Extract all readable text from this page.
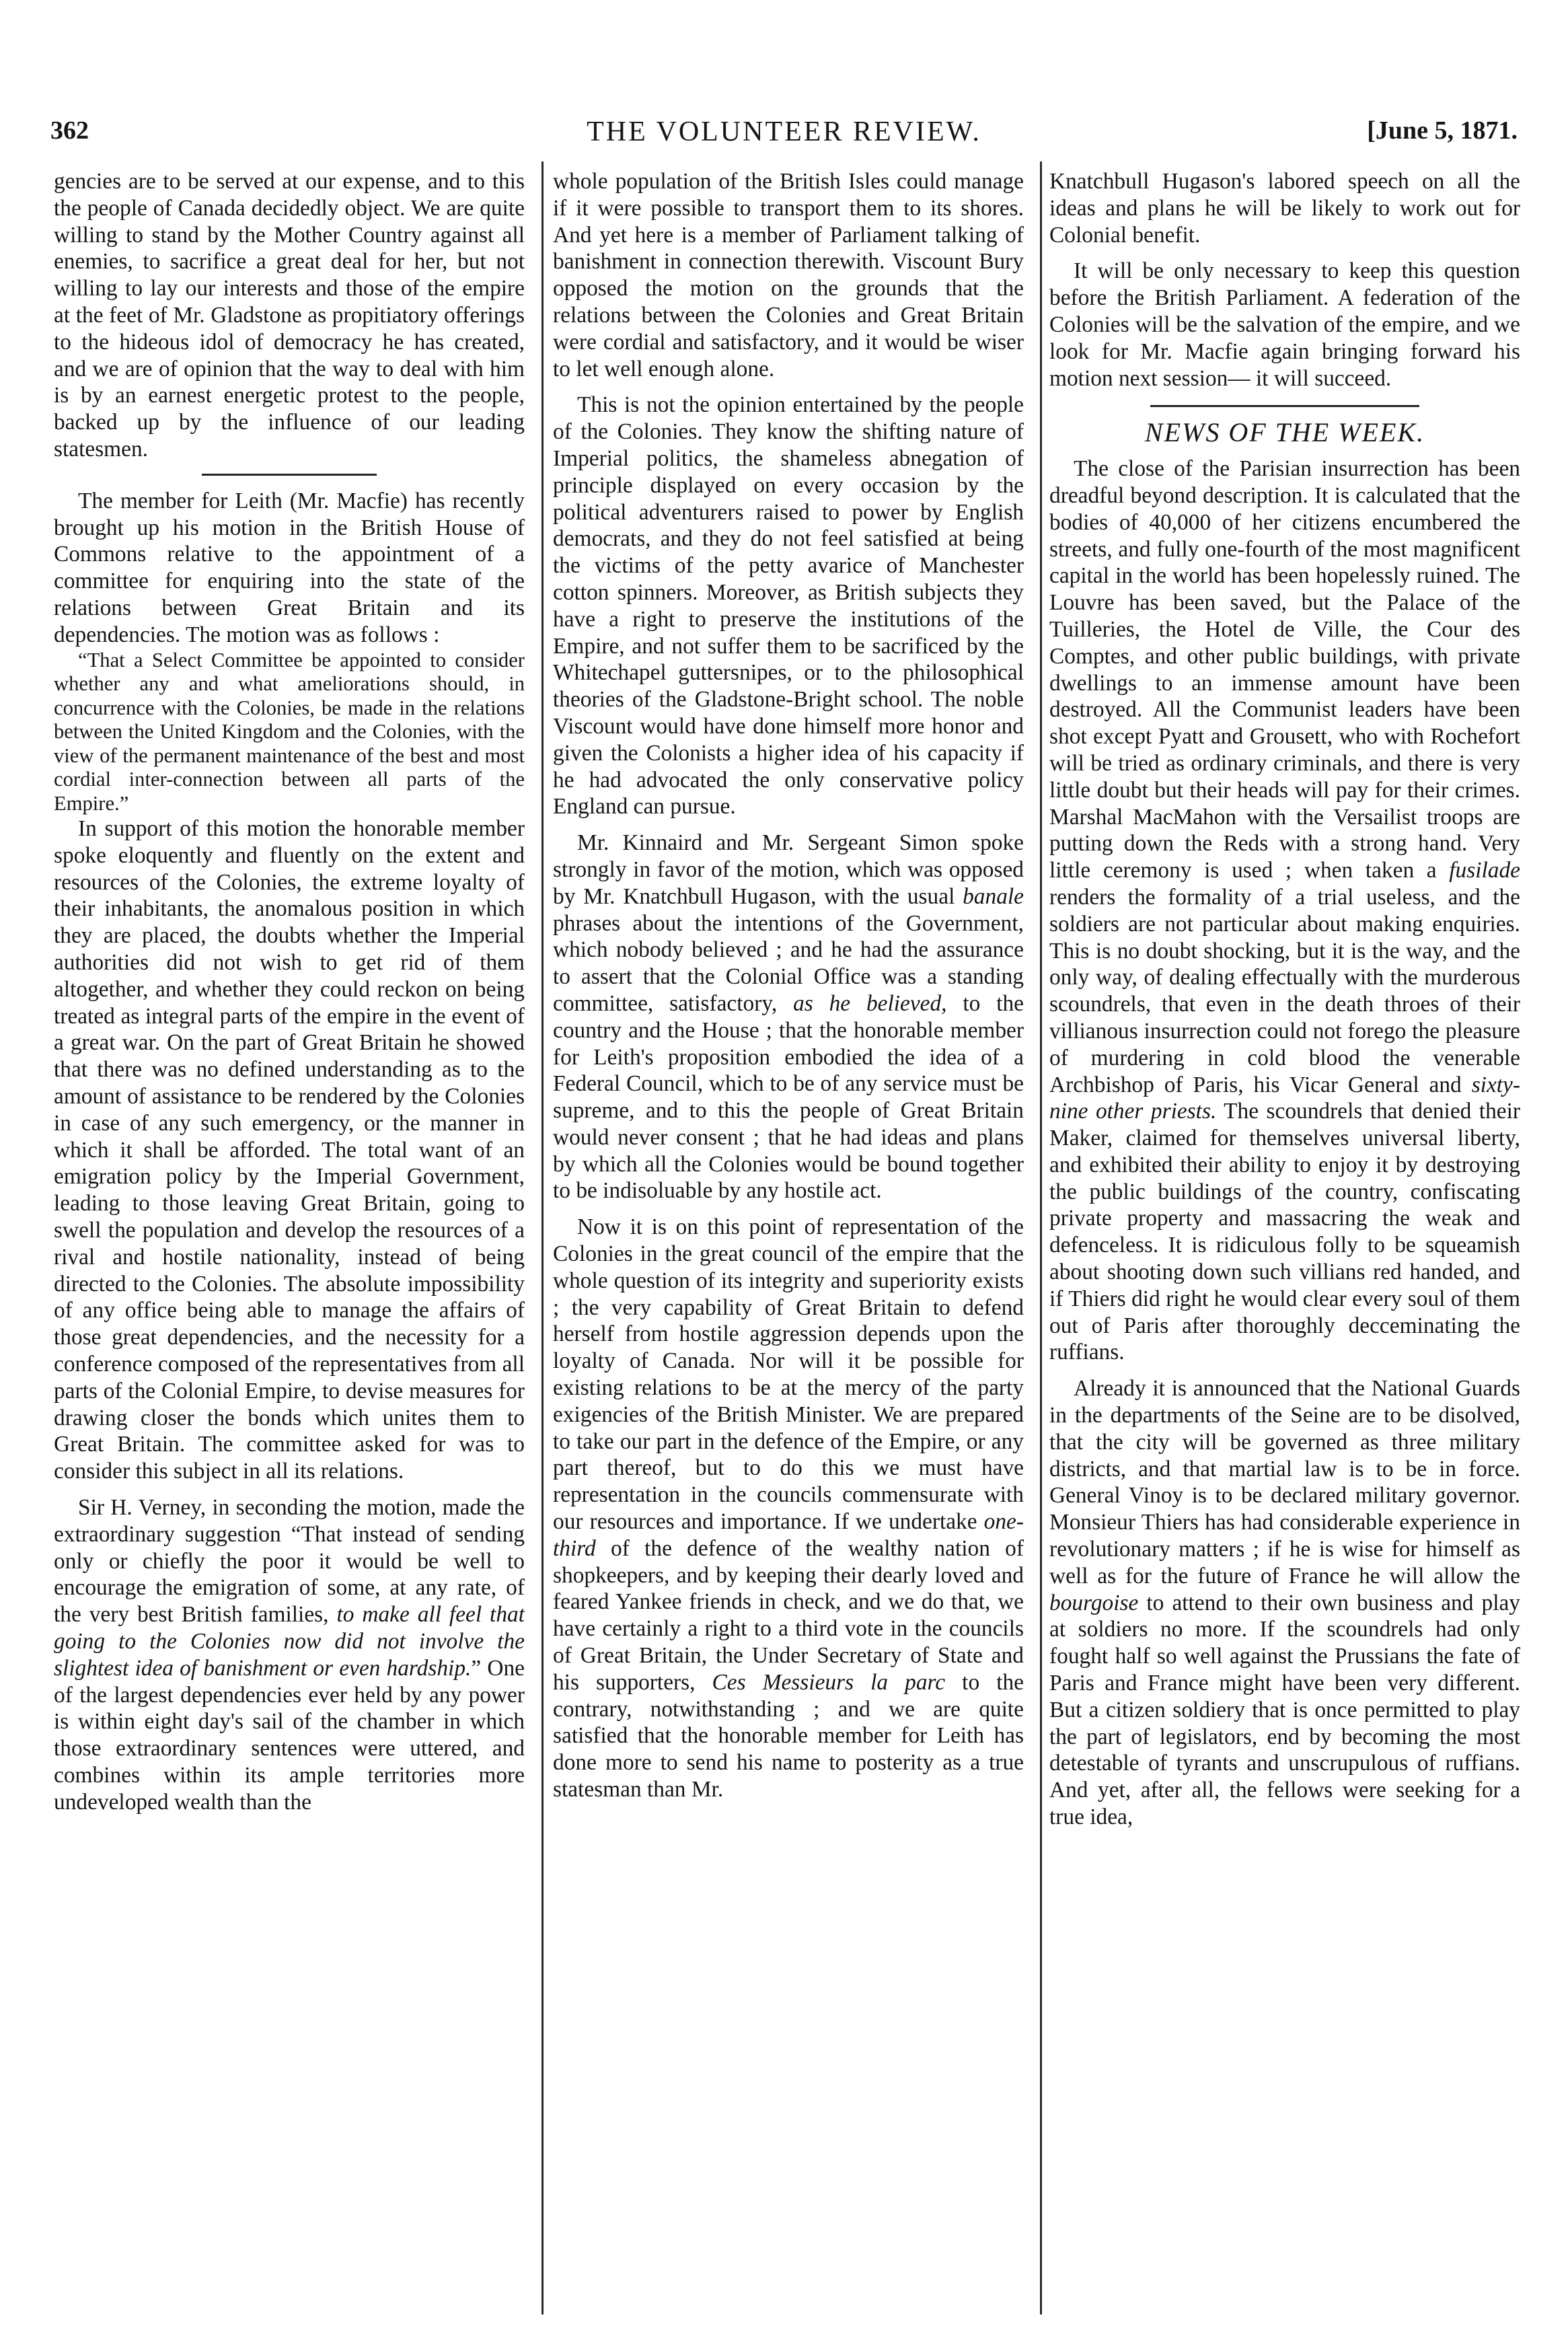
362	THE VOLUNTEER REVIEW.	[June 5, 1871.

gencies are to be served at our expense, and to this the people of Canada decidedly object. We are quite willing to stand by the Mother Country against all enemies, to sacrifice a great deal for her, but not willing to lay our interests and those of the empire at the feet of Mr. Gladstone as propitiatory offerings to the hideous idol of democracy he has created, and we are of opinion that the way to deal with him is by an earnest energetic protest to the people, backed up by the influence of our leading statesmen.

The member for Leith (Mr. Macfie) has recently brought up his motion in the British House of Commons relative to the appointment of a committee for enquiring into the state of the relations between Great Britain and its dependencies. The motion was as follows :

“That a Select Committee be appointed to consider whether any and what ameliorations should, in concurrence with the Colonies, be made in the relations between the United Kingdom and the Colonies, with the view of the permanent maintenance of the best and most cordial inter-connection between all parts of the Empire.”

In support of this motion the honorable member spoke eloquently and fluently on the extent and resources of the Colonies, the extreme loyalty of their inhabitants, the anomalous position in which they are placed, the doubts whether the Imperial authorities did not wish to get rid of them altogether, and whether they could reckon on being treated as integral parts of the empire in the event of a great war. On the part of Great Britain he showed that there was no defined understanding as to the amount of assistance to be rendered by the Colonies in case of any such emergency, or the manner in which it shall be afforded. The total want of an emigration policy by the Imperial Government, leading to those leaving Great Britain, going to swell the population and develop the resources of a rival and hostile nationality, instead of being directed to the Colonies. The absolute impossibility of any office being able to manage the affairs of those great dependencies, and the necessity for a conference composed of the representatives from all parts of the Colonial Empire, to devise measures for drawing closer the bonds which unites them to Great Britain. The committee asked for was to consider this subject in all its relations.

Sir H. Verney, in seconding the motion, made the extraordinary suggestion “That instead of sending only or chiefly the poor it would be well to encourage the emigration of some, at any rate, of the very best British families, to make all feel that going to the Colonies now did not involve the slightest idea of banishment or even hardship.” One of the largest dependencies ever held by any power is within eight day's sail of the chamber in which those extraordinary sentences were uttered, and combines within its ample territories more undeveloped wealth than the

whole population of the British Isles could manage if it were possible to transport them to its shores. And yet here is a member of Parliament talking of banishment in connection therewith. Viscount Bury opposed the motion on the grounds that the relations between the Colonies and Great Britain were cordial and satisfactory, and it would be wiser to let well enough alone.

This is not the opinion entertained by the people of the Colonies. They know the shifting nature of Imperial politics, the shameless abnegation of principle displayed on every occasion by the political adventurers raised to power by English democrats, and they do not feel satisfied at being the victims of the petty avarice of Manchester cotton spinners. Moreover, as British subjects they have a right to preserve the institutions of the Empire, and not suffer them to be sacrificed by the Whitechapel guttersnipes, or to the philosophical theories of the Gladstone-Bright school. The noble Viscount would have done himself more honor and given the Colonists a higher idea of his capacity if he had advocated the only conservative policy England can pursue.

Mr. Kinnaird and Mr. Sergeant Simon spoke strongly in favor of the motion, which was opposed by Mr. Knatchbull Hugason, with the usual banale phrases about the intentions of the Government, which nobody believed ; and he had the assurance to assert that the Colonial Office was a standing committee, satisfactory, as he believed, to the country and the House ; that the honorable member for Leith's proposition embodied the idea of a Federal Council, which to be of any service must be supreme, and to this the people of Great Britain would never consent ; that he had ideas and plans by which all the Colonies would be bound together to be indisoluable by any hostile act.

Now it is on this point of representation of the Colonies in the great council of the empire that the whole question of its integrity and superiority exists ; the very capability of Great Britain to defend herself from hostile aggression depends upon the loyalty of Canada. Nor will it be possible for existing relations to be at the mercy of the party exigencies of the British Minister. We are prepared to take our part in the defence of the Empire, or any part thereof, but to do this we must have representation in the councils commensurate with our resources and importance. If we undertake one-third of the defence of the wealthy nation of shopkeepers, and by keeping their dearly loved and feared Yankee friends in check, and we do that, we have certainly a right to a third vote in the councils of Great Britain, the Under Secretary of State and his supporters, Ces Messieurs la parc to the contrary, notwithstanding ; and we are quite satisfied that the honorable member for Leith has done more to send his name to posterity as a true statesman than Mr.

Knatchbull Hugason's labored speech on all the ideas and plans he will be likely to work out for Colonial benefit.

It will be only necessary to keep this question before the British Parliament. A federation of the Colonies will be the salvation of the empire, and we look for Mr. Macfie again bringing forward his motion next session— it will succeed.

NEWS OF THE WEEK.

The close of the Parisian insurrection has been dreadful beyond description. It is calculated that the bodies of 40,000 of her citizens encumbered the streets, and fully one-fourth of the most magnificent capital in the world has been hopelessly ruined. The Louvre has been saved, but the Palace of the Tuilleries, the Hotel de Ville, the Cour des Comptes, and other public buildings, with private dwellings to an immense amount have been destroyed. All the Communist leaders have been shot except Pyatt and Grousett, who with Rochefort will be tried as ordinary criminals, and there is very little doubt but their heads will pay for their crimes. Marshal MacMahon with the Versailist troops are putting down the Reds with a strong hand. Very little ceremony is used ; when taken a fusilade renders the formality of a trial useless, and the soldiers are not particular about making enquiries. This is no doubt shocking, but it is the way, and the only way, of dealing effectually with the murderous scoundrels, that even in the death throes of their villianous insurrection could not forego the pleasure of murdering in cold blood the venerable Archbishop of Paris, his Vicar General and sixty-nine other priests. The scoundrels that denied their Maker, claimed for themselves universal liberty, and exhibited their ability to enjoy it by destroying the public buildings of the country, confiscating private property and massacring the weak and defenceless. It is ridiculous folly to be squeamish about shooting down such villians red handed, and if Thiers did right he would clear every soul of them out of Paris after thoroughly decceminating the ruffians.

Already it is announced that the National Guards in the departments of the Seine are to be disolved, that the city will be governed as three military districts, and that martial law is to be in force. General Vinoy is to be declared military governor. Monsieur Thiers has had considerable experience in revolutionary matters ; if he is wise for himself as well as for the future of France he will allow the bourgoise to attend to their own business and play at soldiers no more. If the scoundrels had only fought half so well against the Prussians the fate of Paris and France might have been very different. But a citizen soldiery that is once permitted to play the part of legislators, end by becoming the most detestable of tyrants and unscrupulous of ruffians. And yet, after all, the fellows were seeking for a true idea,
